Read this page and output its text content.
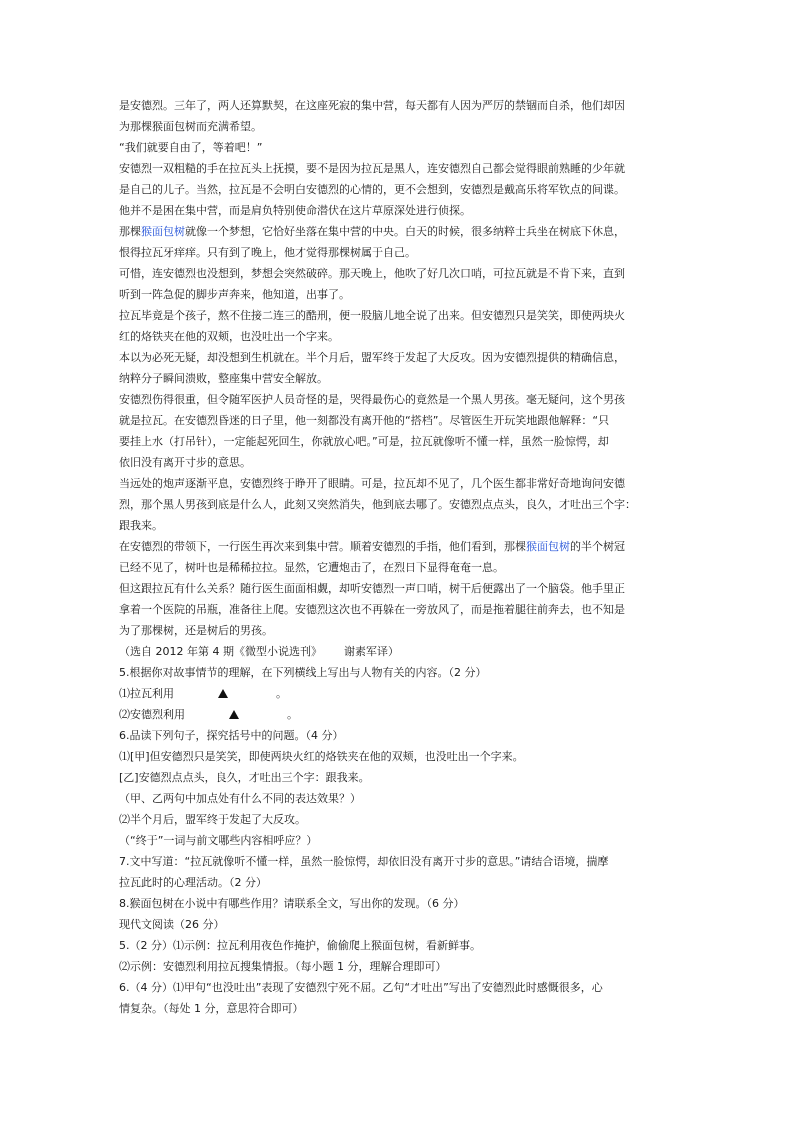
是安德烈。三年了，两人还算默契，在这座死寂的集中营，每天都有人因为严厉的禁锢而自杀，他们却因

为那棵猴面包树而充满希望。

“我们就要自由了，等着吧！”

安德烈一双粗糙的手在拉瓦头上抚摸，要不是因为拉瓦是黑人，连安德烈自己都会觉得眼前熟睡的少年就

是自己的儿子。当然，拉瓦是不会明白安德烈的心情的，更不会想到，安德烈是戴高乐将军钦点的间谍。

他并不是困在集中营，而是肩负特别使命潜伏在这片草原深处进行侦探。

那棵猴面包树就像一个梦想，它恰好坐落在集中营的中央。白天的时候，很多纳粹士兵坐在树底下休息，

恨得拉瓦牙痒痒。只有到了晚上，他才觉得那棵树属于自己。

可惜，连安德烈也没想到，梦想会突然破碎。那天晚上，他吹了好几次口哨，可拉瓦就是不肯下来，直到

听到一阵急促的脚步声奔来，他知道，出事了。

拉瓦毕竟是个孩子，熬不住接二连三的酷刑，便一股脑儿地全说了出来。但安德烈只是笑笑，即使两块火

红的烙铁夹在他的双颊，也没吐出一个字来。

本以为必死无疑，却没想到生机就在。半个月后，盟军终于发起了大反攻。因为安德烈提供的精确信息，

纳粹分子瞬间溃败，整座集中营安全解放。

安德烈伤得很重，但令随军医护人员奇怪的是，哭得最伤心的竟然是一个黑人男孩。毫无疑问，这个男孩

就是拉瓦。在安德烈昏迷的日子里，他一刻都没有离开他的“搭档”。尽管医生开玩笑地跟他解释：“只

要挂上水（打吊针），一定能起死回生，你就放心吧。”可是，拉瓦就像听不懂一样，虽然一脸惊愕，却

依旧没有离开寸步的意思。

当远处的炮声逐渐平息，安德烈终于睁开了眼睛。可是，拉瓦却不见了，几个医生都非常好奇地询问安德

烈，那个黑人男孩到底是什么人，此刻又突然消失，他到底去哪了。安德烈点点头，良久，才吐出三个字：

跟我来。

在安德烈的带领下，一行医生再次来到集中营。顺着安德烈的手指，他们看到，那棵猴面包树的半个树冠

已经不见了，树叶也是稀稀拉拉。显然，它遭炮击了，在烈日下显得奄奄一息。

但这跟拉瓦有什么关系？随行医生面面相觑，却听安德烈一声口哨，树干后便露出了一个脑袋。他手里正

拿着一个医院的吊瓶，准备往上爬。安德烈这次也不再躲在一旁放风了，而是拖着腿往前奔去，也不知是

为了那棵树，还是树后的男孩。

（选自 2012 年第 4 期《微型小说选刊》 谢素军译）

5.根据你对故事情节的理解，在下列横线上写出与人物有关的内容。（2 分）

⑴拉瓦利用	。

⑵安德烈利用	。

6.品读下列句子，探究括号中的问题。（4 分）

⑴[甲]但安德烈只是笑笑，即使两块火红的烙铁夹在他的双颊，也没吐出一个字来。

[乙]安德烈点点头，良久，才吐出三个字：跟我来。

（甲、乙两句中加点处有什么不同的表达效果？）

⑵半个月后，盟军终于发起了大反攻。

（“终于”一词与前文哪些内容相呼应？）

7.文中写道：“拉瓦就像听不懂一样，虽然一脸惊愕，却依旧没有离开寸步的意思。”请结合语境，揣摩

拉瓦此时的心理活动。（2 分）

8.猴面包树在小说中有哪些作用？请联系全文，写出你的发现。（6 分）

现代文阅读（26 分）

5.（2 分）⑴示例：拉瓦利用夜色作掩护，偷偷爬上猴面包树，看新鲜事。

⑵示例：安德烈利用拉瓦搜集情报。（每小题 1 分，理解合理即可）

6.（4 分）⑴甲句“也没吐出”表现了安德烈宁死不屈。乙句“才吐出”写出了安德烈此时感慨很多，心

情复杂。（每处 1 分，意思符合即可）
